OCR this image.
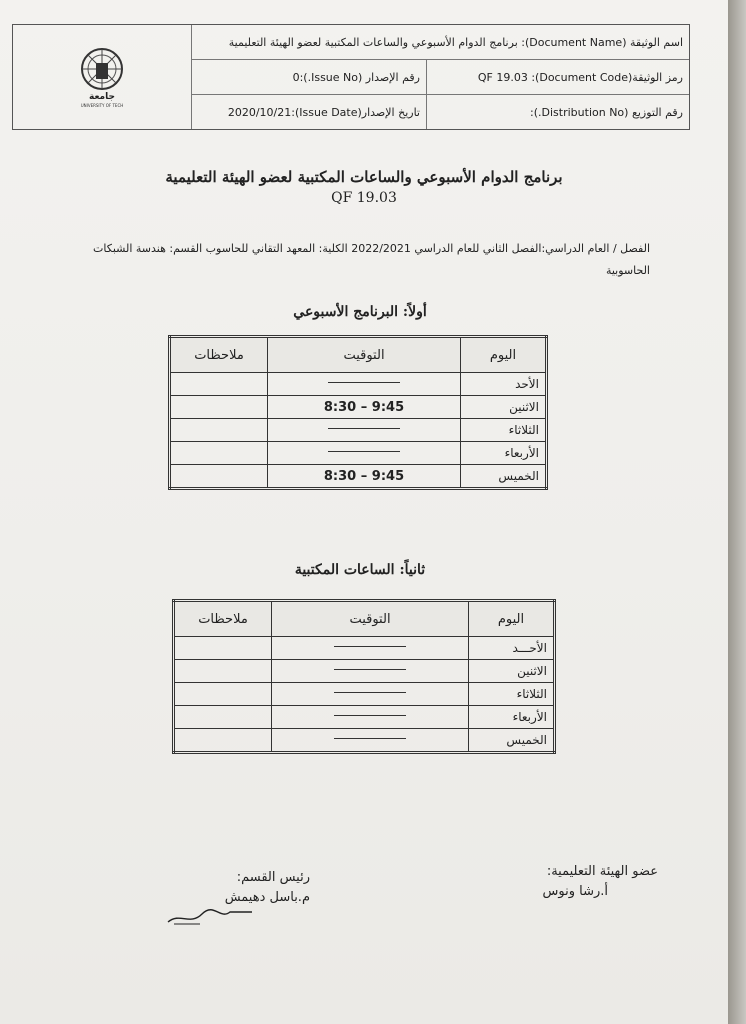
اسم الوثيقة (Document Name): برنامج الدوام الأسبوعي والساعات المكتبية لعضو الهيئة التعليمية
رمز الوثيقة(Document Code): QF 19.03
رقم الإصدار (Issue No.):0
رقم التوزيع (Distribution No.):
تاريخ الإصدار(Issue Date):2020/10/21
جامعة
UNIVERSITY OF TECH
برنامج الدوام الأسبوعي والساعات المكتبية لعضو الهيئة التعليمية
QF 19.03
الفصل / العام الدراسي:الفصل الثاني للعام الدراسي 2022/2021 الكلية: المعهد التقاني للحاسوب القسم: هندسة الشبكات الحاسوبية
أولاً: البرنامج الأسبوعي
اليوم	التوقيت	ملاحظات
الأحد		
الاثنين	9:45 – 8:30	
الثلاثاء		
الأربعاء		
الخميس	9:45 – 8:30	
ثانياً: الساعات المكتبية
اليوم	التوقيت	ملاحظات
الأحـــد		
الاثنين		
الثلاثاء		
الأربعاء		
الخميس		
عضو الهيئة التعليمية:
أ.رشا ونوس
رئيس القسم:
م.باسل دهيمش
